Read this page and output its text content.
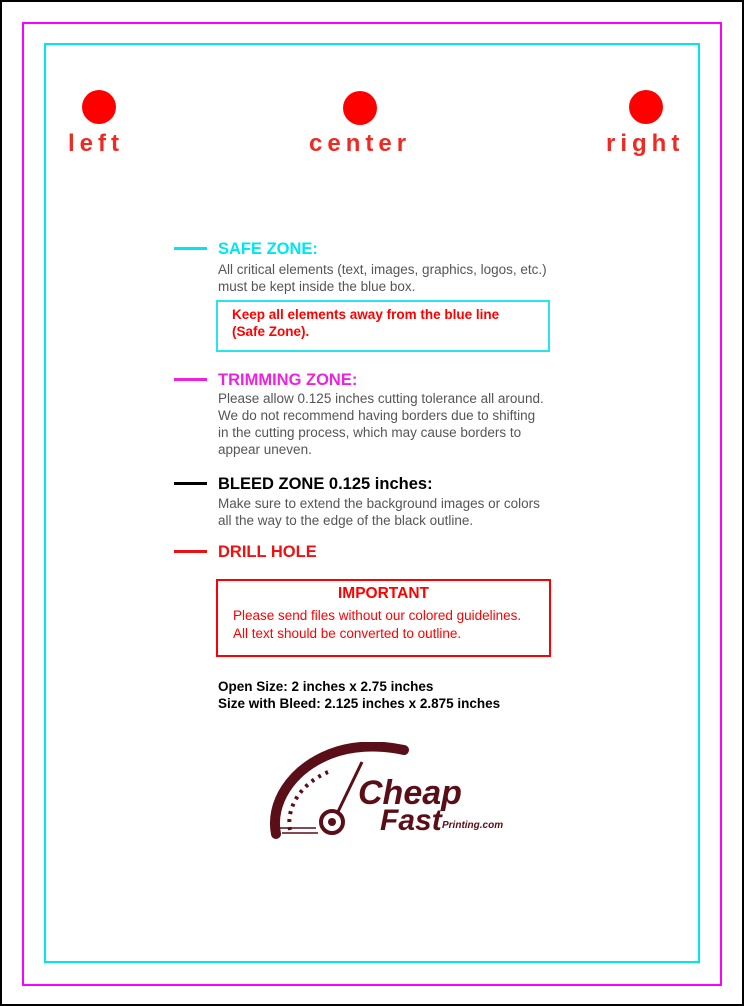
left	center	right
SAFE ZONE:
All critical elements (text, images, graphics, logos, etc.)
must be kept inside the blue box.
Keep all elements away from the blue line
(Safe Zone).
TRIMMING ZONE:
Please allow 0.125 inches cutting tolerance all around.
We do not recommend having borders due to shifting
in the cutting process, which may cause borders to
appear uneven.
BLEED ZONE 0.125 inches:
Make sure to extend the background images or colors
all the way to the edge of the black outline.
DRILL HOLE
IMPORTANT
Please send files without our colored guidelines.
All text should be converted to outline.
Open Size: 2 inches x 2.75 inches
Size with Bleed: 2.125 inches x 2.875 inches
Cheap
Fast Printing.com
